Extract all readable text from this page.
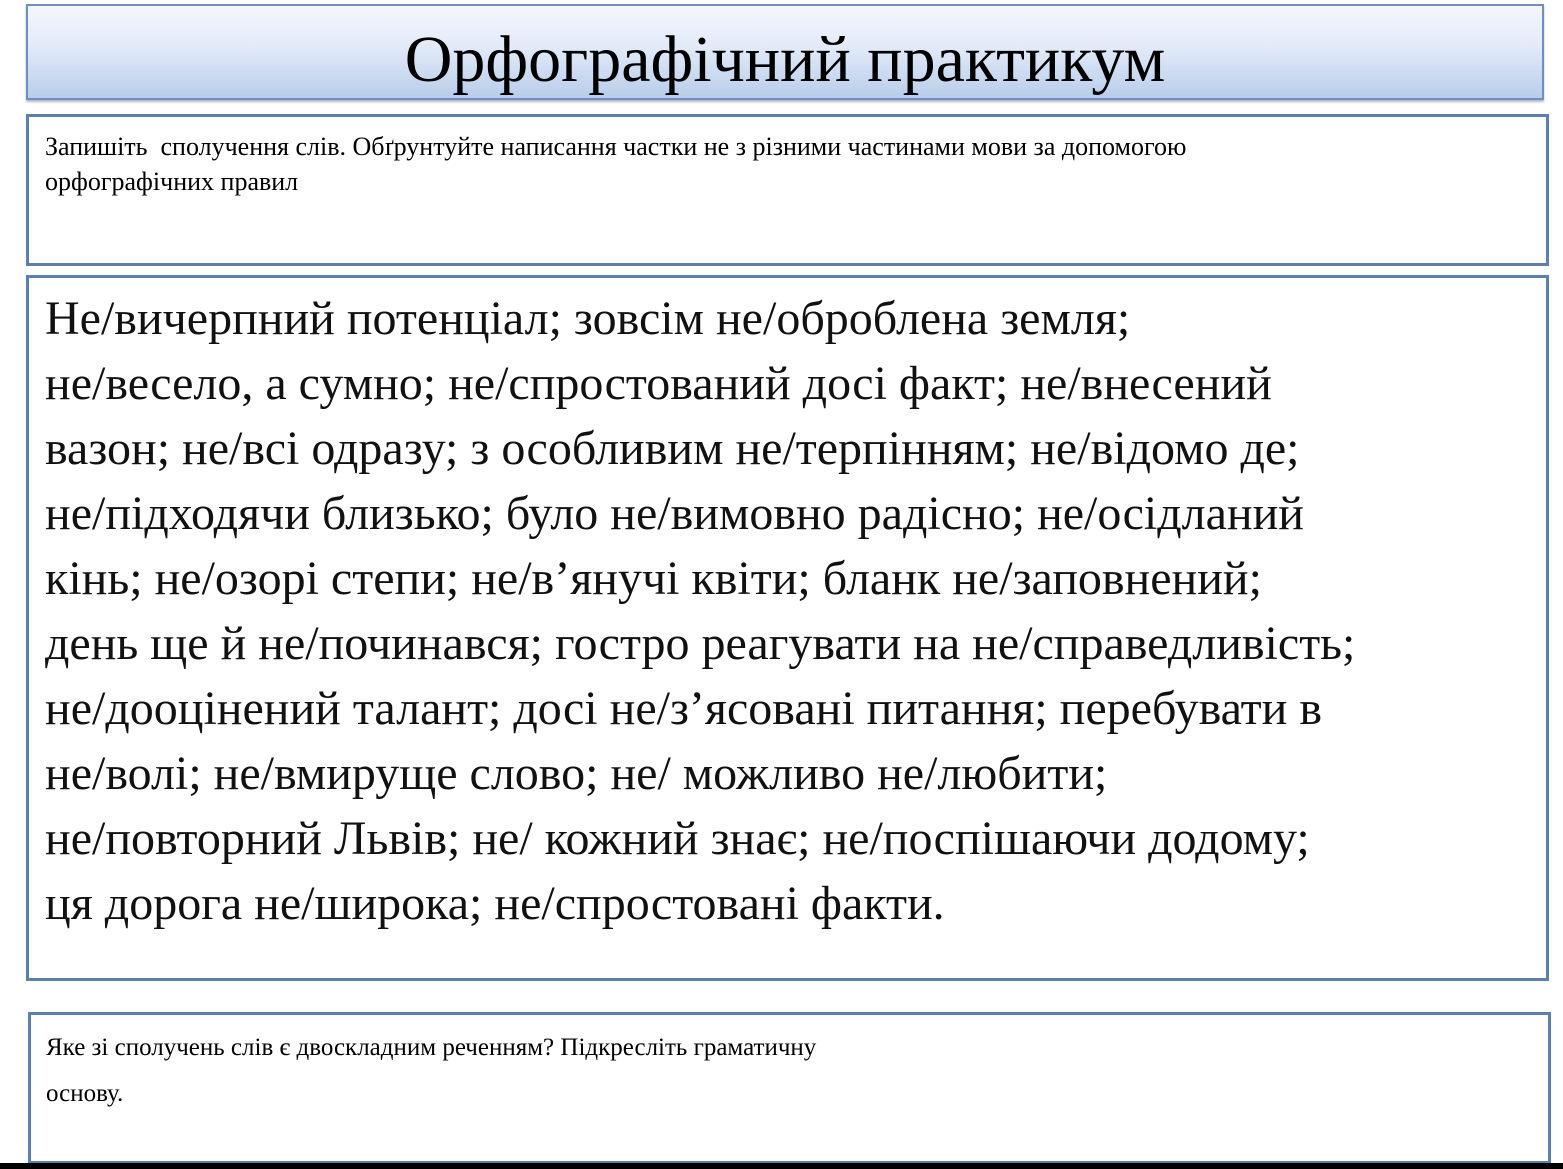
Орфографічний практикум
Запишіть  сполучення слів. Обґрунтуйте написання частки не з різними частинами мови за допомогою
орфографічних правил
Не/вичерпний потенціал; зовсім не/оброблена земля;
не/весело, а сумно; не/спростований досі факт; не/внесений
вазон; не/всі одразу; з особливим не/терпінням; не/відомо де;
не/підходячи близько; було не/вимовно радісно; не/осідланий
кінь; не/озорі степи; не/в’янучі квіти; бланк не/заповнений;
день ще й не/починався; гостро реагувати на не/справедливість;
не/дооцінений талант; досі не/з’ясовані питання; перебувати в
не/волі; не/вмируще слово; не/ можливо не/любити;
не/повторний Львів; не/ кожний знає; не/поспішаючи додому;
ця дорога не/широка; не/спростовані факти.
Яке зі сполучень слів є двоскладним реченням? Підкресліть граматичну
основу.
